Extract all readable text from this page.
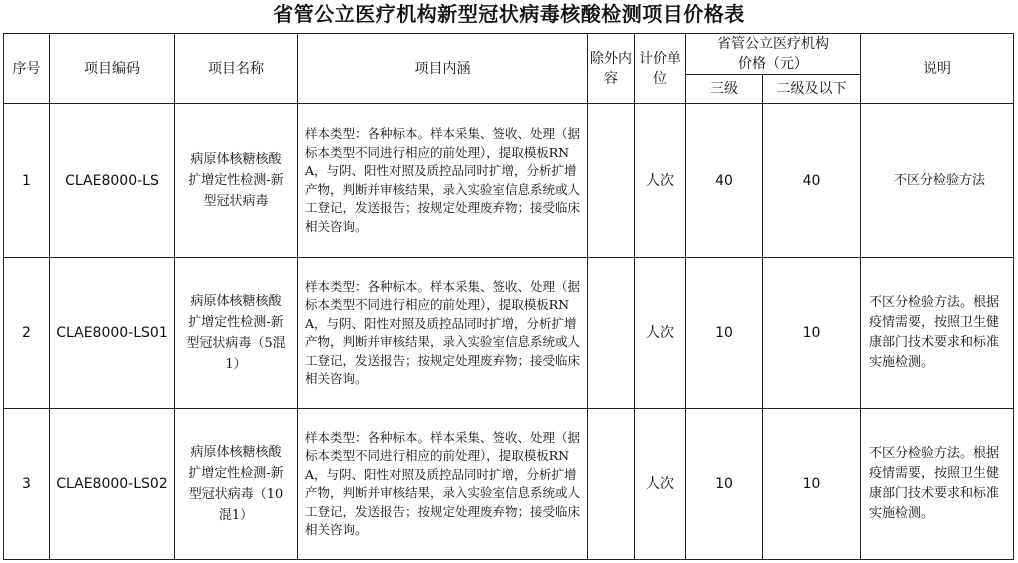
省管公立医疗机构新型冠状病毒核酸检测项目价格表
序号	项目编码	项目名称	项目内涵	除外内容	计价单位	省管公立医疗机构价格（元）		说明
						三级	二级及以下	
1	CLAE8000-LS	病原体核糖核酸扩增定性检测-新型冠状病毒	样本类型：各种标本。样本采集、签收、处理（据标本类型不同进行相应的前处理），提取模板RNA，与阴、阳性对照及质控品同时扩增，分析扩增产物，判断并审核结果，录入实验室信息系统或人工登记，发送报告；按规定处理废弃物；接受临床相关咨询。		人次	40	40	不区分检验方法
2	CLAE8000-LS01	病原体核糖核酸扩增定性检测-新型冠状病毒（5混1）	样本类型：各种标本。样本采集、签收、处理（据标本类型不同进行相应的前处理），提取模板RNA，与阴、阳性对照及质控品同时扩增，分析扩增产物，判断并审核结果，录入实验室信息系统或人工登记，发送报告；按规定处理废弃物；接受临床相关咨询。		人次	10	10	不区分检验方法。根据疫情需要，按照卫生健康部门技术要求和标准实施检测。
3	CLAE8000-LS02	病原体核糖核酸扩增定性检测-新型冠状病毒（10混1）	样本类型：各种标本。样本采集、签收、处理（据标本类型不同进行相应的前处理），提取模板RNA，与阴、阳性对照及质控品同时扩增，分析扩增产物，判断并审核结果，录入实验室信息系统或人工登记，发送报告；按规定处理废弃物；接受临床相关咨询。		人次	10	10	不区分检验方法。根据疫情需要，按照卫生健康部门技术要求和标准实施检测。
